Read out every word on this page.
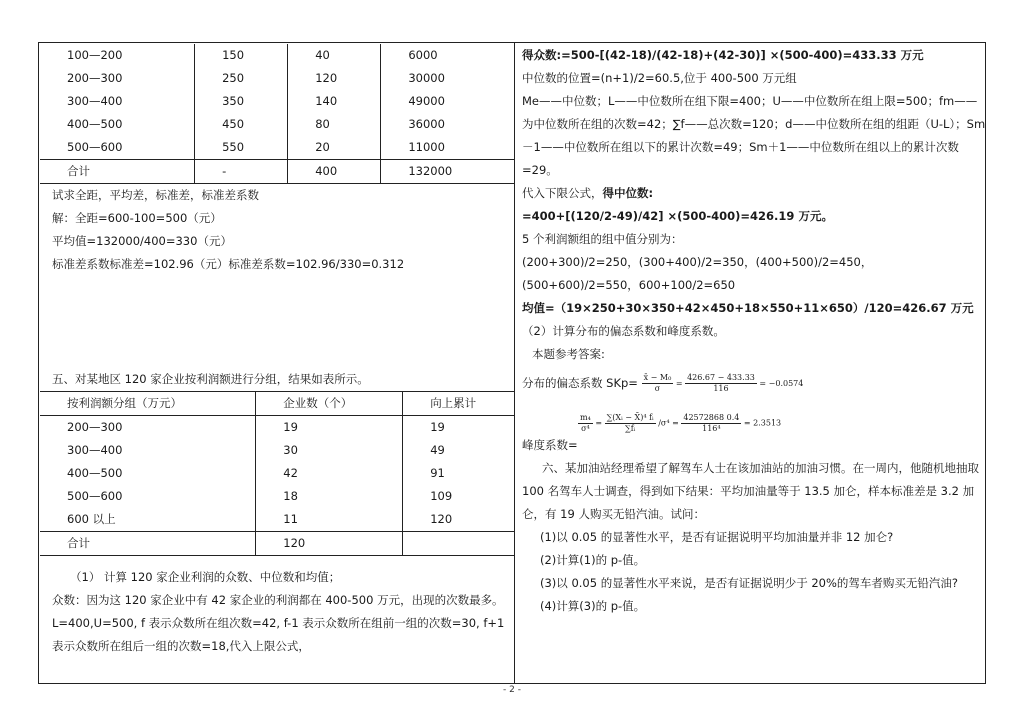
100—200	150	40	6000
200—300	250	120	30000
300—400	350	140	49000
400—500	450	80	36000
500—600	550	20	11000
合计	-	400	132000

试求全距，平均差，标准差，标准差系数

解：全距=600-100=500（元）

平均值=132000/400=330（元）

标准差系数标准差=102.96（元）标准差系数=102.96/330=0.312

五、对某地区 120 家企业按利润额进行分组，结果如表所示。

按利润额分组（万元）	企业数（个）	向上累计
200—300	19	19
300—400	30	49
400—500	42	91
500—600	18	109
600 以上	11	120
合计	120	

（1） 计算 120 家企业利润的众数、中位数和均值；

众数：因为这 120 家企业中有 42 家企业的利润都在 400-500 万元，出现的次数最多。

L=400,U=500, f 表示众数所在组次数=42, f-1 表示众数所在组前一组的次数=30, f+1

表示众数所在组后一组的次数=18,代入上限公式，

得众数:=500-[(42-18)/(42-18)+(42-30)] ×(500-400)=433.33 万元

中位数的位置=(n+1)/2=60.5,位于 400-500 万元组

Me——中位数；L——中位数所在组下限=400；U——中位数所在组上限=500；fm——为中位数所在组的次数=42；∑f——总次数=120；d——中位数所在组的组距（U-L）；Sm－1——中位数所在组以下的累计次数=49；Sm＋1——中位数所在组以上的累计次数=29。

代入下限公式，得中位数:

=400+[(120/2-49)/42] ×(500-400)=426.19 万元。

5 个利润额组的组中值分别为：

(200+300)/2=250，(300+400)/2=350，(400+500)/2=450，(500+600)/2=550，600+100/2=650

均值=（19×250+30×350+42×450+18×550+11×650）/120=426.67 万元

（2）计算分布的偏态系数和峰度系数。

本题参考答案:

分布的偏态系数 $SKp= \frac{\text{x̄ − M₀}}{\sigma} = \frac{426.67 - 433.33}{116} = -0.0574$

$\frac{\text{m₄}}{\text{σ⁴}} = \frac{\text{∑(Xᵢ − X̄)⁴ fᵢ}}{\text{∑fᵢ}} /\sigma^4 = \frac{42572868 0.4}{\text{116⁴}} = 2.3513$

峰度系数=

六、某加油站经理希望了解驾车人士在该加油站的加油习惯。在一周内，他随机地抽取 100 名驾车人士调查，得到如下结果：平均加油量等于 13.5 加仑，样本标准差是 3.2 加仑，有 19 人购买无铅汽油。试问：

(1)以 0.05 的显著性水平，是否有证据说明平均加油量并非 12 加仑?

(2)计算(1)的 p-值。

(3)以 0.05 的显著性水平来说，是否有证据说明少于 20%的驾车者购买无铅汽油?

(4)计算(3)的 p-值。

- 2 -
